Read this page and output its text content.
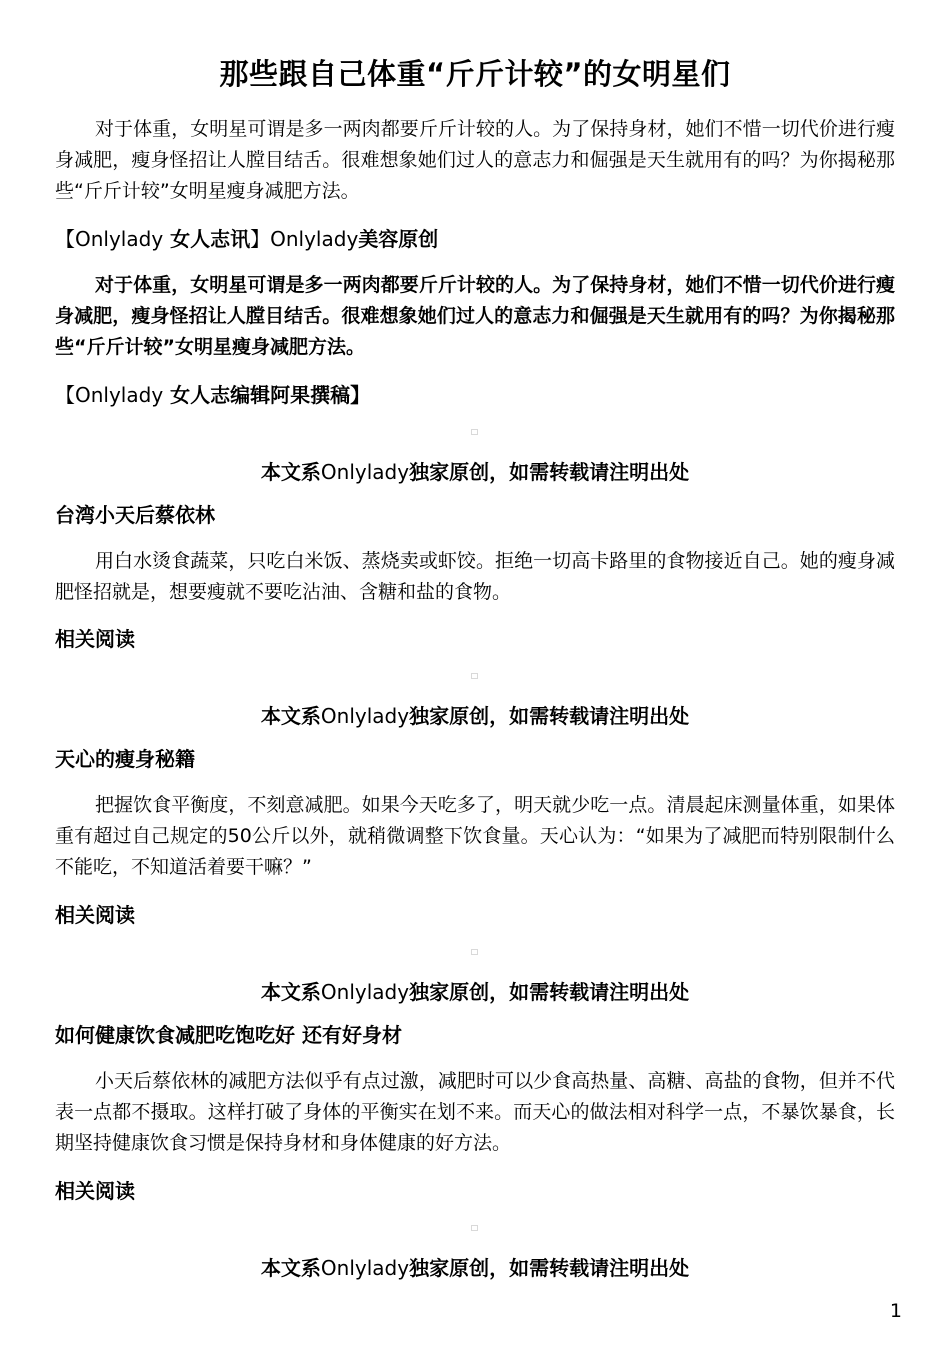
那些跟自己体重“斤斤计较”的女明星们

对于体重，女明星可谓是多一两肉都要斤斤计较的人。为了保持身材，她们不惜一切代价进行瘦身减肥，瘦身怪招让人膛目结舌。很难想象她们过人的意志力和倔强是天生就用有的吗？为你揭秘那些“斤斤计较”女明星瘦身减肥方法。

【Onlylady 女人志讯】Onlylady美容原创

对于体重，女明星可谓是多一两肉都要斤斤计较的人。为了保持身材，她们不惜一切代价进行瘦身减肥，瘦身怪招让人膛目结舌。很难想象她们过人的意志力和倔强是天生就用有的吗？为你揭秘那些“斤斤计较”女明星瘦身减肥方法。

【Onlylady 女人志编辑阿果撰稿】

本文系Onlylady独家原创，如需转载请注明出处

台湾小天后蔡依林

用白水烫食蔬菜，只吃白米饭、蒸烧卖或虾饺。拒绝一切高卡路里的食物接近自己。她的瘦身减肥怪招就是，想要瘦就不要吃沾油、含糖和盐的食物。

相关阅读

本文系Onlylady独家原创，如需转载请注明出处

天心的瘦身秘籍

把握饮食平衡度，不刻意减肥。如果今天吃多了，明天就少吃一点。清晨起床测量体重，如果体重有超过自己规定的50公斤以外，就稍微调整下饮食量。天心认为：“如果为了减肥而特别限制什么不能吃，不知道活着要干嘛？”

相关阅读

本文系Onlylady独家原创，如需转载请注明出处

如何健康饮食减肥吃饱吃好 还有好身材

小天后蔡依林的减肥方法似乎有点过激，减肥时可以少食高热量、高糖、高盐的食物，但并不代表一点都不摄取。这样打破了身体的平衡实在划不来。而天心的做法相对科学一点，不暴饮暴食，长期坚持健康饮食习惯是保持身材和身体健康的好方法。

相关阅读

本文系Onlylady独家原创，如需转载请注明出处

1
